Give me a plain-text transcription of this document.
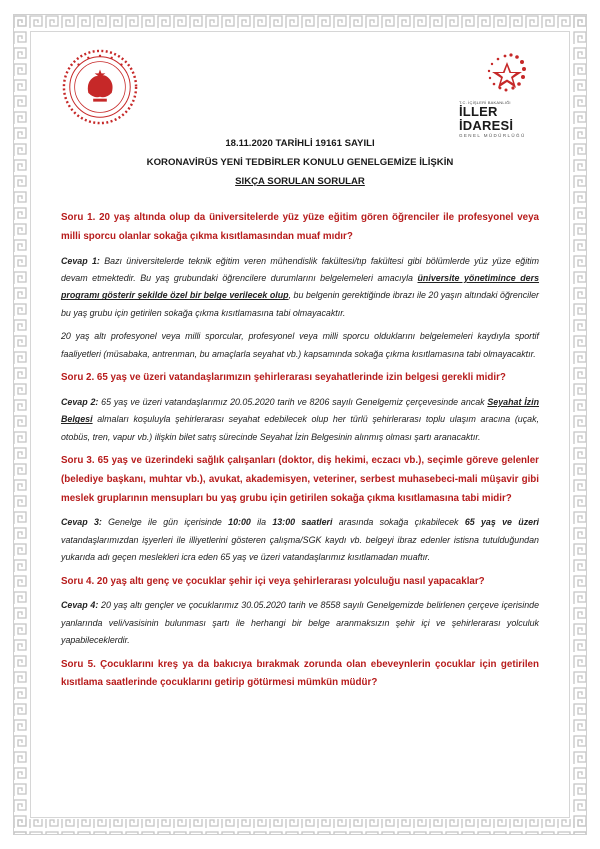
T.C. İÇİŞLERİ BAKANLIĞI
İLLER İDARESİ
GENEL MÜDÜRLÜĞÜ
18.11.2020 TARİHLİ 19161 SAYILI
KORONAVİRÜS YENİ TEDBİRLER KONULU GENELGEMİZE İLİŞKİN
SIKÇA SORULAN SORULAR

Soru 1. 20 yaş altında olup da üniversitelerde yüz yüze eğitim gören öğrenciler ile profesyonel veya milli sporcu olanlar sokağa çıkma kısıtlamasından muaf mıdır?

Cevap 1: Bazı üniversitelerde teknik eğitim veren mühendislik fakültesi/tıp fakültesi gibi bölümlerde yüz yüze eğitim devam etmektedir. Bu yaş grubundaki öğrencilere durumlarını belgelemeleri amacıyla üniversite yönetimince ders programı gösterir şekilde özel bir belge verilecek olup, bu belgenin gerektiğinde ibrazı ile 20 yaşın altındaki öğrenciler bu yaş grubu için getirilen sokağa çıkma kısıtlamasına tabi olmayacaktır.

20 yaş altı profesyonel veya milli sporcular, profesyonel veya milli sporcu olduklarını belgelemeleri kaydıyla sportif faaliyetleri (müsabaka, antrenman, bu amaçlarla seyahat vb.) kapsamında sokağa çıkma kısıtlamasına tabi olmayacaktır.

Soru 2. 65 yaş ve üzeri vatandaşlarımızın şehirlerarası seyahatlerinde izin belgesi gerekli midir?

Cevap 2: 65 yaş ve üzeri vatandaşlarımız 20.05.2020 tarih ve 8206 sayılı Genelgemiz çerçevesinde ancak Seyahat İzin Belgesi almaları koşuluyla şehirlerarası seyahat edebilecek olup her türlü şehirlerarası toplu ulaşım aracına (uçak, otobüs, tren, vapur vb.) ilişkin bilet satış sürecinde Seyahat İzin Belgesinin alınmış olması şartı aranacaktır.

Soru 3. 65 yaş ve üzerindeki sağlık çalışanları (doktor, diş hekimi, eczacı vb.), seçimle göreve gelenler (belediye başkanı, muhtar vb.), avukat, akademisyen, veteriner, serbest muhasebeci-mali müşavir gibi meslek gruplarının mensupları bu yaş grubu için getirilen sokağa çıkma kısıtlamasına tabi midir?

Cevap 3: Genelge ile gün içerisinde 10:00 ila 13:00 saatleri arasında sokağa çıkabilecek 65 yaş ve üzeri vatandaşlarımızdan işyerleri ile illiyetlerini gösteren çalışma/SGK kaydı vb. belgeyi ibraz edenler istisna tutulduğundan yukarıda adı geçen meslekleri icra eden 65 yaş ve üzeri vatandaşlarımız kısıtlamadan muaftır.

Soru 4. 20 yaş altı genç ve çocuklar şehir içi veya şehirlerarası yolculuğu nasıl yapacaklar?

Cevap 4: 20 yaş altı gençler ve çocuklarımız 30.05.2020 tarih ve 8558 sayılı Genelgemizde belirlenen çerçeve içerisinde yanlarında veli/vasisinin bulunması şartı ile herhangi bir belge aranmaksızın şehir içi ve şehirlerarası yolculuk yapabileceklerdir.

Soru 5. Çocuklarını kreş ya da bakıcıya bırakmak zorunda olan ebeveynlerin çocuklar için getirilen kısıtlama saatlerinde çocuklarını getirip götürmesi mümkün müdür?
